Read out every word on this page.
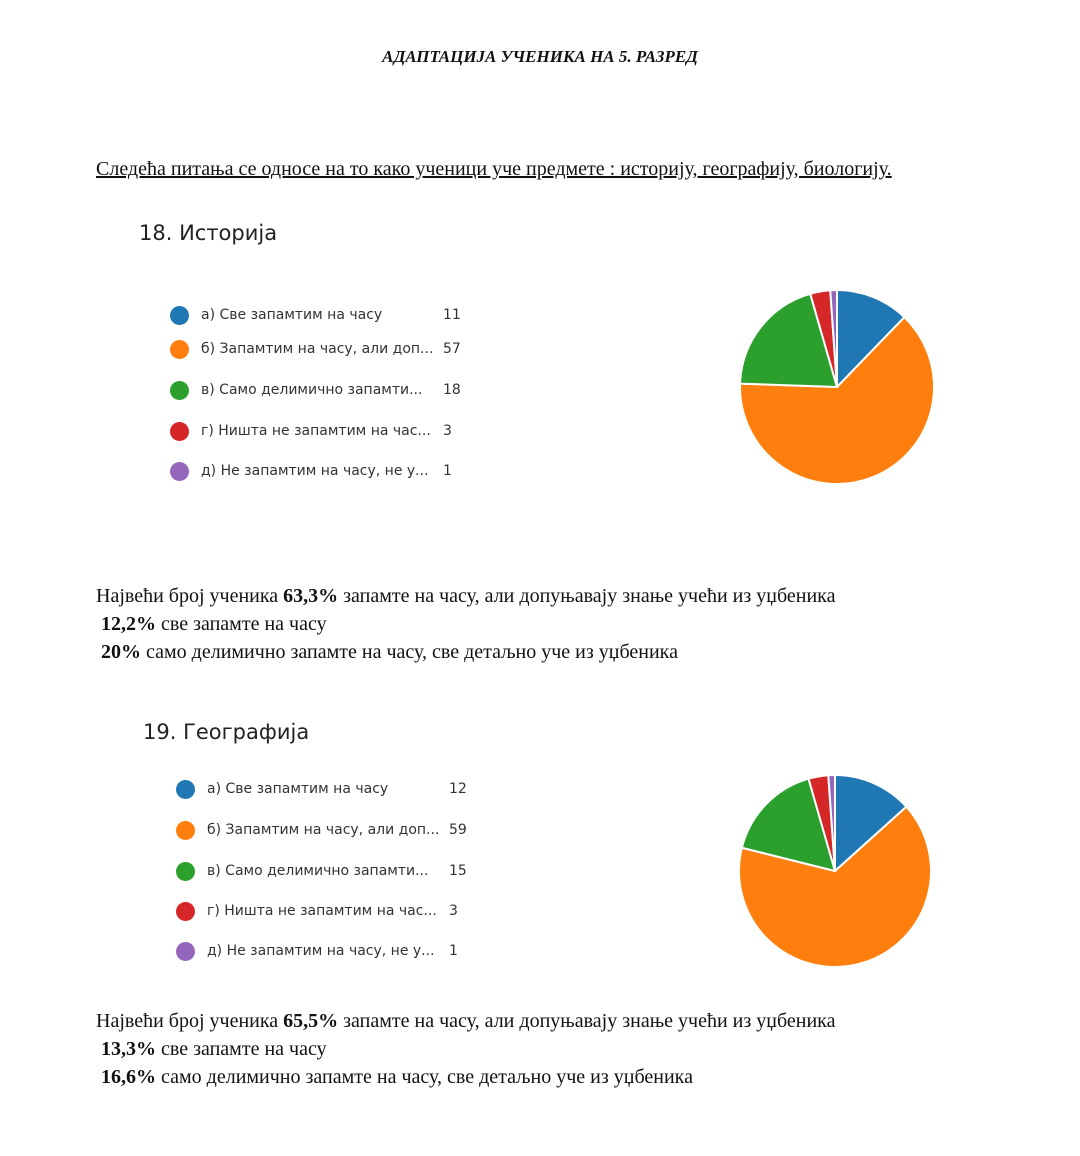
АДАПТАЦИЈА УЧЕНИКА НА 5. РАЗРЕД
Следећа питања се односе на то како ученици уче предмете : историју, географију, биологију.
18. Историја
а) Све запамтим на часу	11
б) Запамтим на часу, али доп... 57
в) Само делимично запамти... 18
г) Ништа не запамтим на час... 3
д) Не запамтим на часу, не у... 1
Највећи број ученика 63,3% запамте на часу, али допуњавају знање учећи из уџбеника
12,2% све запамте на часу
20% само делимично запамте на часу, све детаљно уче из уџбеника
19. Географија
а) Све запамтим на часу	12
б) Запамтим на часу, али доп... 59
в) Само делимично запамти... 15
г) Ништа не запамтим на час... 3
д) Не запамтим на часу, не у... 1
Највећи број ученика 65,5% запамте на часу, али допуњавају знање учећи из уџбеника
13,3% све запамте на часу
16,6% само делимично запамте на часу, све детаљно уче из уџбеника
